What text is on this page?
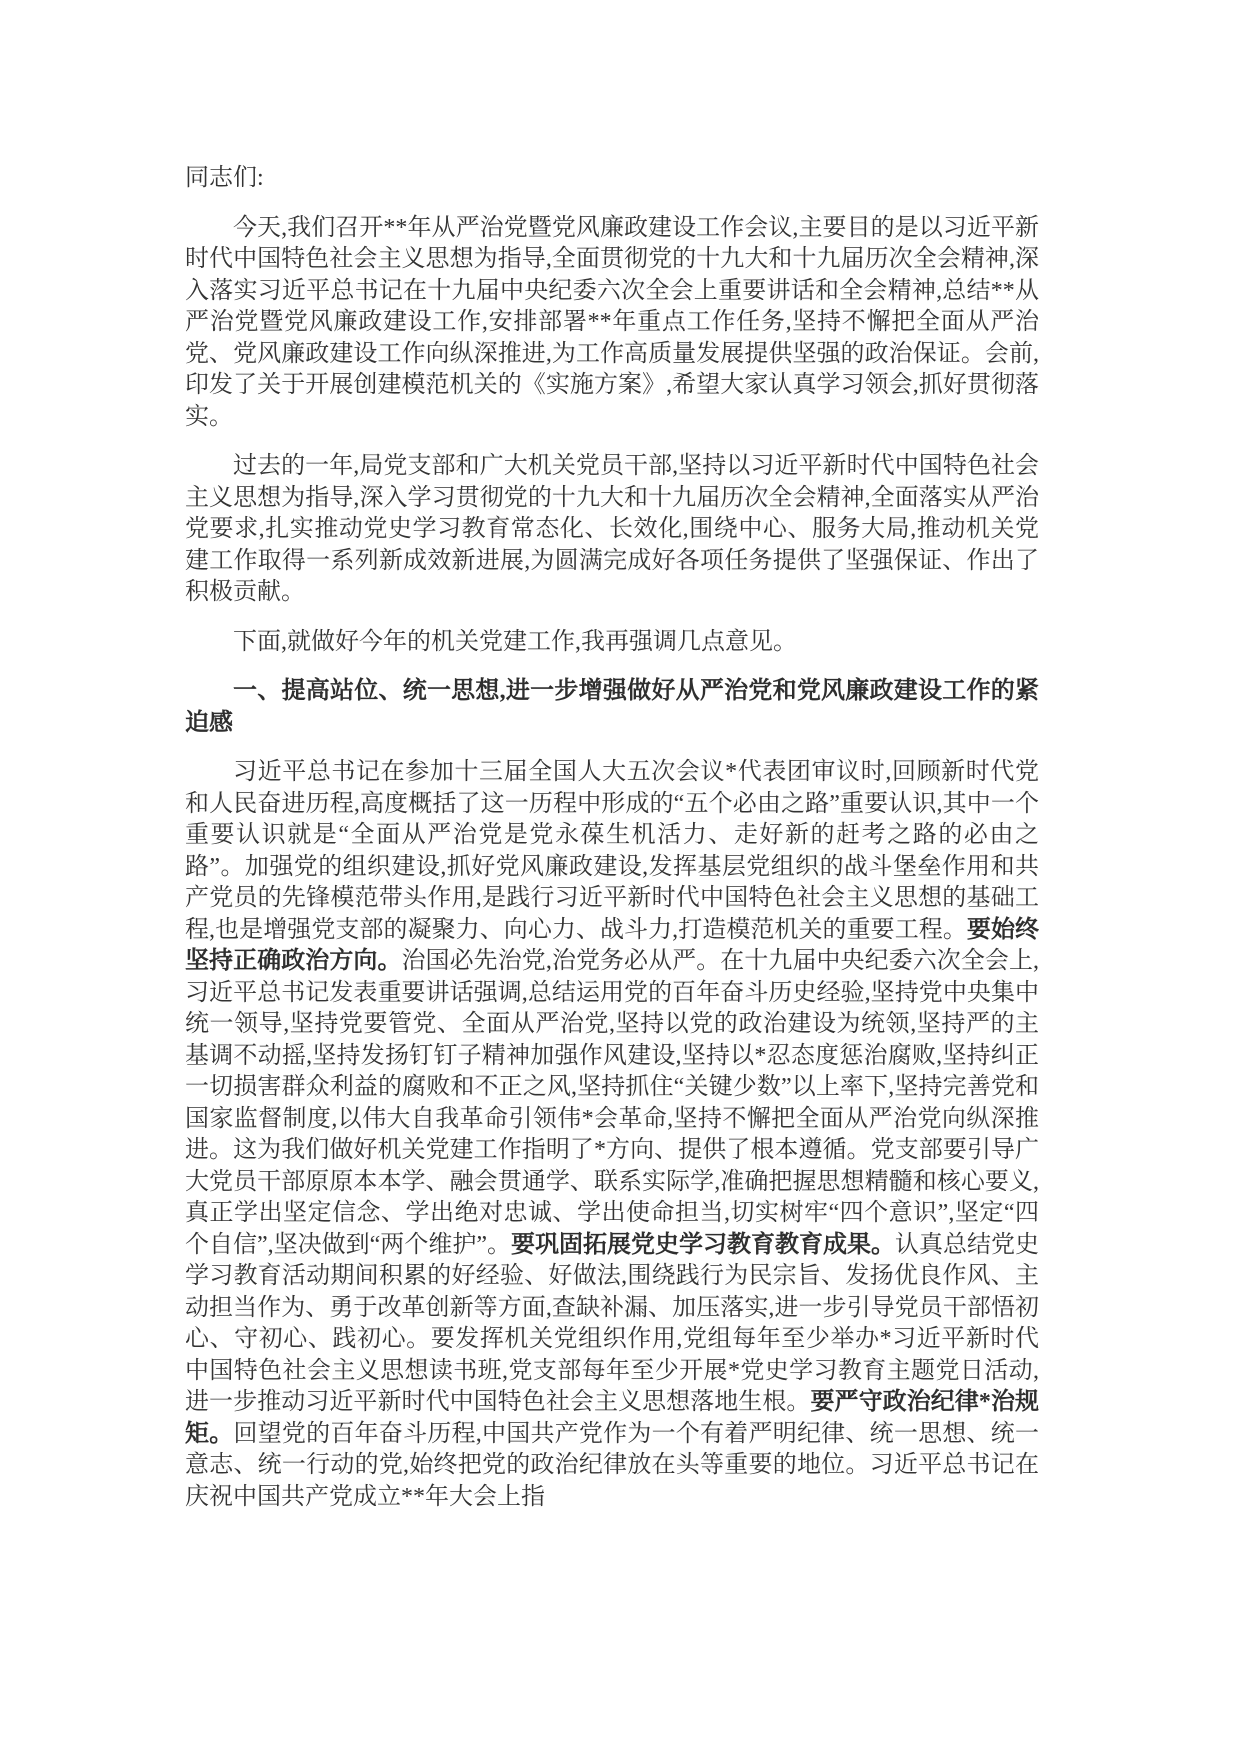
同志们:

今天,我们召开**年从严治党暨党风廉政建设工作会议,主要目的是以习近平新时代中国特色社会主义思想为指导,全面贯彻党的十九大和十九届历次全会精神,深入落实习近平总书记在十九届中央纪委六次全会上重要讲话和全会精神,总结**从严治党暨党风廉政建设工作,安排部署**年重点工作任务,坚持不懈把全面从严治党、党风廉政建设工作向纵深推进,为工作高质量发展提供坚强的政治保证。会前,印发了关于开展创建模范机关的《实施方案》,希望大家认真学习领会,抓好贯彻落实。

过去的一年,局党支部和广大机关党员干部,坚持以习近平新时代中国特色社会主义思想为指导,深入学习贯彻党的十九大和十九届历次全会精神,全面落实从严治党要求,扎实推动党史学习教育常态化、长效化,围绕中心、服务大局,推动机关党建工作取得一系列新成效新进展,为圆满完成好各项任务提供了坚强保证、作出了积极贡献。

下面,就做好今年的机关党建工作,我再强调几点意见。

一、提高站位、统一思想,进一步增强做好从严治党和党风廉政建设工作的紧迫感

习近平总书记在参加十三届全国人大五次会议*代表团审议时,回顾新时代党和人民奋进历程,高度概括了这一历程中形成的“五个必由之路”重要认识,其中一个重要认识就是“全面从严治党是党永葆生机活力、走好新的赶考之路的必由之路”。加强党的组织建设,抓好党风廉政建设,发挥基层党组织的战斗堡垒作用和共产党员的先锋模范带头作用,是践行习近平新时代中国特色社会主义思想的基础工程,也是增强党支部的凝聚力、向心力、战斗力,打造模范机关的重要工程。要始终坚持正确政治方向。治国必先治党,治党务必从严。在十九届中央纪委六次全会上,习近平总书记发表重要讲话强调,总结运用党的百年奋斗历史经验,坚持党中央集中统一领导,坚持党要管党、全面从严治党,坚持以党的政治建设为统领,坚持严的主基调不动摇,坚持发扬钉钉子精神加强作风建设,坚持以*忍态度惩治腐败,坚持纠正一切损害群众利益的腐败和不正之风,坚持抓住“关键少数”以上率下,坚持完善党和国家监督制度,以伟大自我革命引领伟*会革命,坚持不懈把全面从严治党向纵深推进。这为我们做好机关党建工作指明了*方向、提供了根本遵循。党支部要引导广大党员干部原原本本学、融会贯通学、联系实际学,准确把握思想精髓和核心要义,真正学出坚定信念、学出绝对忠诚、学出使命担当,切实树牢“四个意识”,坚定“四个自信”,坚决做到“两个维护”。要巩固拓展党史学习教育教育成果。认真总结党史学习教育活动期间积累的好经验、好做法,围绕践行为民宗旨、发扬优良作风、主动担当作为、勇于改革创新等方面,查缺补漏、加压落实,进一步引导党员干部悟初心、守初心、践初心。要发挥机关党组织作用,党组每年至少举办*习近平新时代中国特色社会主义思想读书班,党支部每年至少开展*党史学习教育主题党日活动,进一步推动习近平新时代中国特色社会主义思想落地生根。要严守政治纪律*治规矩。回望党的百年奋斗历程,中国共产党作为一个有着严明纪律、统一思想、统一意志、统一行动的党,始终把党的政治纪律放在头等重要的地位。习近平总书记在庆祝中国共产党成立**年大会上指
